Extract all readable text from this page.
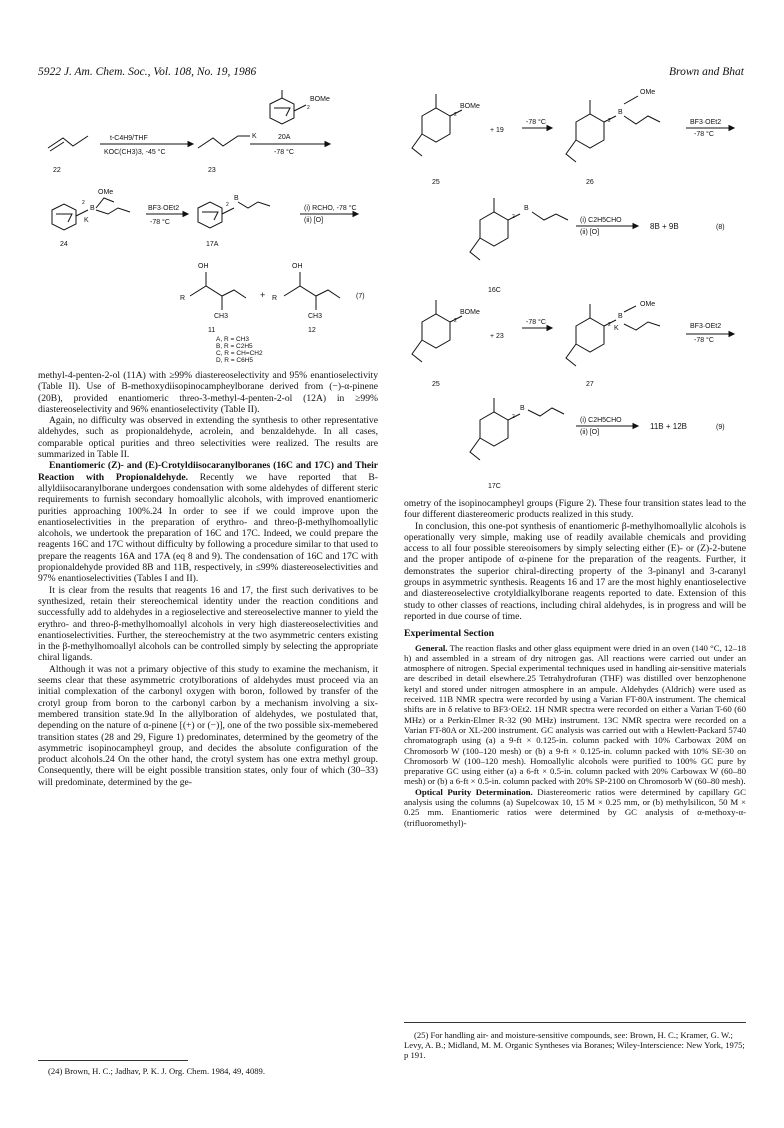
5922 J. Am. Chem. Soc., Vol. 108, No. 19, 1986	Brown and Bhat
t-C4H9/THF
KOC(CH3)3, -45 °C
22	23
K
BOMe
2
20A
-78 °C
OMe
B
K
2
24
BF3·OEt2
-78 °C
B
2
17A
(i) RCHO, -78 °C
(ii) [O]
OH
R
CH3
+
OH
R
CH3
(7)
11	12
A, R = CH3
B, R = C2H5
C, R = CH=CH2
D, R = C6H5
BOMe
2
+ 19
-78 °C
25
OMe
B
2
26
BF3·OEt2
-78 °C
B
2	(i) C2H5CHO
(ii) [O]
8B + 9B	(8)
16C
BOMe
2
+ 23
-78 °C
25
OMe
B
K
2
27
BF3·OEt2
-78 °C
B
2	(i) C2H5CHO
(ii) [O]
11B + 12B	(9)
17C

methyl-4-penten-2-ol (11A) with ≥99% diastereoselectivity and 95% enantioselectivity (Table II). Use of B-methoxydiisopinocampheylborane derived from (−)-α-pinene (20B), provided enantiomeric threo-3-methyl-4-penten-2-ol (12A) in ≥99% diastereoselectivity and 96% enantioselectivity (Table II).

Again, no difficulty was observed in extending the synthesis to other representative aldehydes, such as propionaldehyde, acrolein, and benzaldehyde. In all cases, comparable optical purities and threo selectivities were realized. The results are summarized in Table II.

Enantiomeric (Z)- and (E)-Crotyldiisocaranylboranes (16C and 17C) and Their Reaction with Propionaldehyde. Recently we have reported that B-allyldiisocaranylborane undergoes condensation with some aldehydes of different steric requirements to furnish secondary homoallylic alcohols, with improved enantiomeric purities approaching 100%.24 In order to see if we could improve upon the enantioselectivities in the preparation of erythro- and threo-β-methylhomoallylic alcohols, we undertook the preparation of 16C and 17C. Indeed, we could prepare the reagents 16C and 17C without difficulty by following a procedure similar to that used to prepare the reagents 16A and 17A (eq 8 and 9). The condensation of 16C and 17C with propionaldehyde provided 8B and 11B, respectively, in ≤99% diastereoselectivities and 97% enantioselectivities (Tables I and II).

It is clear from the results that reagents 16 and 17, the first such derivatives to be synthesized, retain their stereochemical identity under the reaction conditions and successfully add to aldehydes in a regioselective and stereoselective manner to yield the erythro- and threo-β-methylhomoallyl alcohols in very high diastereoselectivities and enantioselectivities. Further, the stereochemistry at the two asymmetric centers existing in the β-methylhomoallyl alcohols can be controlled simply by selecting the appropriate chiral ligands.

Although it was not a primary objective of this study to examine the mechanism, it seems clear that these asymmetric crotylborations of aldehydes must proceed via an initial complexation of the carbonyl oxygen with boron, followed by transfer of the crotyl group from boron to the carbonyl carbon by a mechanism involving a six-membered transition state.9d In the allylboration of aldehydes, we postulated that, depending on the nature of α-pinene [(+) or (−)], one of the two possible six-memebered transition states (28 and 29, Figure 1) predominates, determined by the geometry of the asymmetric isopinocampheyl group, and decides the absolute configuration of the product alcohols.24 On the other hand, the crotyl system has one extra methyl group. Consequently, there will be eight possible transition states, only four of which (30–33) will predominate, determined by the ge-

(24) Brown, H. C.; Jadhav, P. K. J. Org. Chem. 1984, 49, 4089.

ometry of the isopinocampheyl groups (Figure 2). These four transition states lead to the four different diastereomeric products realized in this study.

In conclusion, this one-pot synthesis of enantiomeric β-methylhomoallylic alcohols is operationally very simple, making use of readily available chemicals and providing access to all four possible stereoisomers by simply selecting either (E)- or (Z)-2-butene and the proper antipode of α-pinene for the preparation of the reagents. Further, it demonstrates the superior chiral-directing property of the 3-pinanyl and 3-caranyl groups in asymmetric synthesis. Reagents 16 and 17 are the most highly enantioselective and diastereoselective crotyldialkylborane reagents reported to date. Extension of this study to other classes of reactions, including chiral aldehydes, is in progress and will be reported in due course of time.

Experimental Section

General. The reaction flasks and other glass equipment were dried in an oven (140 °C, 12–18 h) and assembled in a stream of dry nitrogen gas. All reactions were carried out under an atmosphere of nitrogen. Special experimental techniques used in handling air-sensitive materials are described in detail elsewhere.25 Tetrahydrofuran (THF) was distilled over benzophenone ketyl and stored under nitrogen atmosphere in an ampule. Aldehydes (Aldrich) were used as received. 11B NMR spectra were recorded by using a Varian FT-80A instrument. The chemical shifts are in δ relative to BF3·OEt2. 1H NMR spectra were recorded on either a Varian T-60 (60 MHz) or a Perkin-Elmer R-32 (90 MHz) instrument. 13C NMR spectra were recorded on a Varian FT-80A or XL-200 instrument. GC analysis was carried out with a Hewlett-Packard 5740 chromatograph using (a) a 9-ft × 0.125-in. column packed with 10% Carbowax 20M on Chromosorb W (100–120 mesh) or (b) a 9-ft × 0.125-in. column packed with 10% SE-30 on Chromosorb W (100–120 mesh). Homoallylic alcohols were purified to 100% GC pure by preparative GC using either (a) a 6-ft × 0.5-in. column packed with 20% Carbowax W (60–80 mesh) or (b) a 6-ft × 0.5-in. column packed with 20% SP-2100 on Chromosorb W (60–80 mesh).

Optical Purity Determination. Diastereomeric ratios were determined by capillary GC analysis using the columns (a) Supelcowax 10, 15 M × 0.25 mm, or (b) methylsilicon, 50 M × 0.25 mm. Enantiomeric ratios were determined by GC analysis of α-methoxy-α-(trifluoromethyl)-

(25) For handling air- and moisture-sensitive compounds, see: Brown, H. C.; Kramer, G. W.; Levy, A. B.; Midland, M. M. Organic Syntheses via Boranes; Wiley-Interscience: New York, 1975; p 191.
